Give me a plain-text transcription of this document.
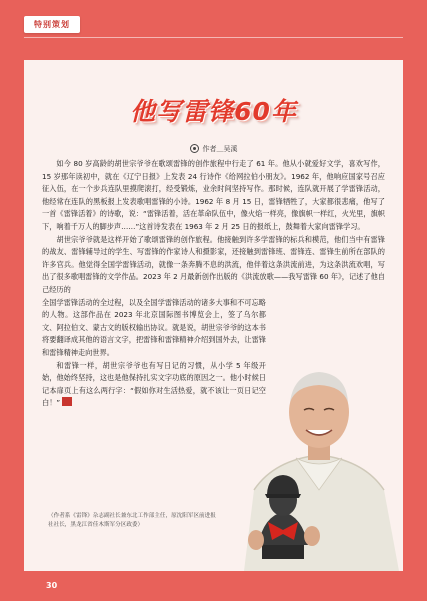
特别策划
他写雷锋60年
作者＿吴溪

如今 80 岁高龄的胡世宗爷爷在歌颂雷锋的创作旅程中行走了 61 年。他从小就爱好文学，喜欢写作，15 岁那年读初中，就在《辽宁日报》上发表 24 行诗作《给网拉伯小朋友》。1962 年，他响应国家号召应征入伍，在一个步兵连队里摸爬滚打，经受锻炼，业余时间坚持写作。那时候，连队就开展了学雷锋活动，他经常在连队的黑板报上发表歌唱雷锋的小诗。1962 年 8 月 15 日，雷锋牺牲了，大家都很悲痛，他写了一首《雷锋活着》的诗歌，说：“雷锋活着，活在革命队伍中，像火焰一样亮，像旗帜一样红，火光里，旗帜下，响着千万人的脚步声……”这首诗发表在 1963 年 2 月 25 日的报纸上，鼓舞着大家向雷锋学习。

胡世宗爷爷就是这样开始了歌颂雷锋的创作旅程。他接触到许多学雷锋的标兵和模范，他们当中有雷锋的战友、雷锋辅导过的学生、写雷锋的作家诗人和摄影家，还接触到雷锋班、雷锋连、雷锋生前所在部队的许多官兵。他觉得全国学雷锋活动，就像一条奔腾不息的洪流，他伴着这条洪流前进，为这条洪流欢唱，写出了很多歌唱雷锋的文学作品。2023 年 2 月最新创作出版的《洪流放歌——我写雷锋 60 年》，记述了他自己经历的

全国学雷锋活动的全过程，以及全国学雷锋活动的诸多大事和不可忘略的人物。这部作品在 2023 年北京国际图书博览会上，签了乌尔都文、阿拉伯文、蒙古文的版权输出协议。就是说，胡世宗爷爷的这本书将要翻译成其他的语言文字，把雷锋和雷锋精神介绍到国外去，让雷锋和雷锋精神走向世界。

和雷锋一样，胡世宗爷爷也有写日记的习惯，从小学 5 年级开始，他始终坚持，这也是他保持扎实文字功底的原因之一。他小时候日记本扉页上有这么两行字：“假如你对生活热爱，就不该让一页日记空白！”

（作者系《雷锋》杂志副社长兼东北工作部主任，原沈阳军区前进报社社长，黑龙江省佳木斯军分区政委）
30
